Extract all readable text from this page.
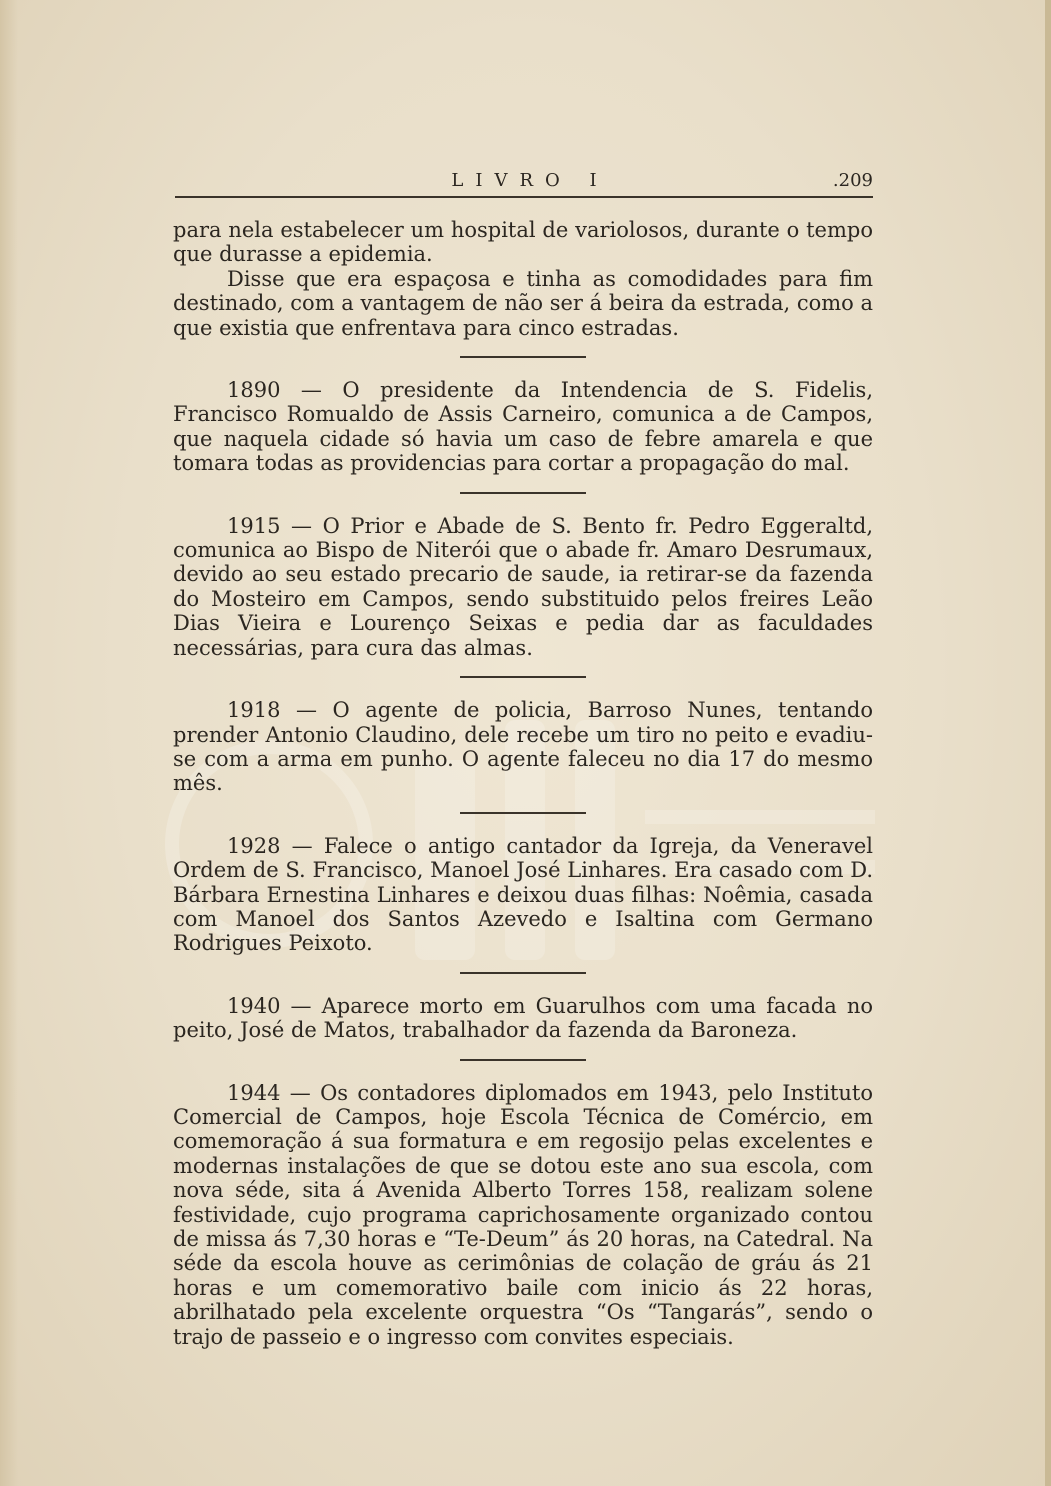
LIVRO I	.209

para nela estabelecer um hospital de variolosos, durante o tempo que durasse a epidemia.

Disse que era espaçosa e tinha as comodidades para fim destinado, com a vantagem de não ser á beira da estrada, como a que existia que enfrentava para cinco estradas.

1890 — O presidente da Intendencia de S. Fidelis, Francisco Romualdo de Assis Carneiro, comunica a de Campos, que naquela cidade só havia um caso de febre amarela e que tomara todas as providencias para cortar a propagação do mal.

1915 — O Prior e Abade de S. Bento fr. Pedro Eggeraltd, comunica ao Bispo de Niterói que o abade fr. Amaro Desrumaux, devido ao seu estado precario de saude, ia retirar-se da fazenda do Mosteiro em Campos, sendo substituido pelos freires Leão Dias Vieira e Lourenço Seixas e pedia dar as faculdades necessárias, para cura das almas.

1918 — O agente de policia, Barroso Nunes, tentando prender Antonio Claudino, dele recebe um tiro no peito e evadiu-se com a arma em punho. O agente faleceu no dia 17 do mesmo mês.

1928 — Falece o antigo cantador da Igreja, da Veneravel Ordem de S. Francisco, Manoel José Linhares. Era casado com D. Bárbara Ernestina Linhares e deixou duas filhas: Noêmia, casada com Manoel dos Santos Azevedo e Isaltina com Germano Rodrigues Peixoto.

1940 — Aparece morto em Guarulhos com uma facada no peito, José de Matos, trabalhador da fazenda da Baroneza.

1944 — Os contadores diplomados em 1943, pelo Instituto Comercial de Campos, hoje Escola Técnica de Comércio, em comemoração á sua formatura e em regosijo pelas excelentes e modernas instalações de que se dotou este ano sua escola, com nova séde, sita á Avenida Alberto Torres 158, realizam solene festividade, cujo programa caprichosamente organizado contou de missa ás 7,30 horas e “Te-Deum” ás 20 horas, na Catedral. Na séde da escola houve as cerimônias de colação de gráu ás 21 horas e um comemorativo baile com inicio ás 22 horas, abrilhatado pela excelente orquestra “Os “Tangarás”, sendo o trajo de passeio e o ingresso com convites especiais.
